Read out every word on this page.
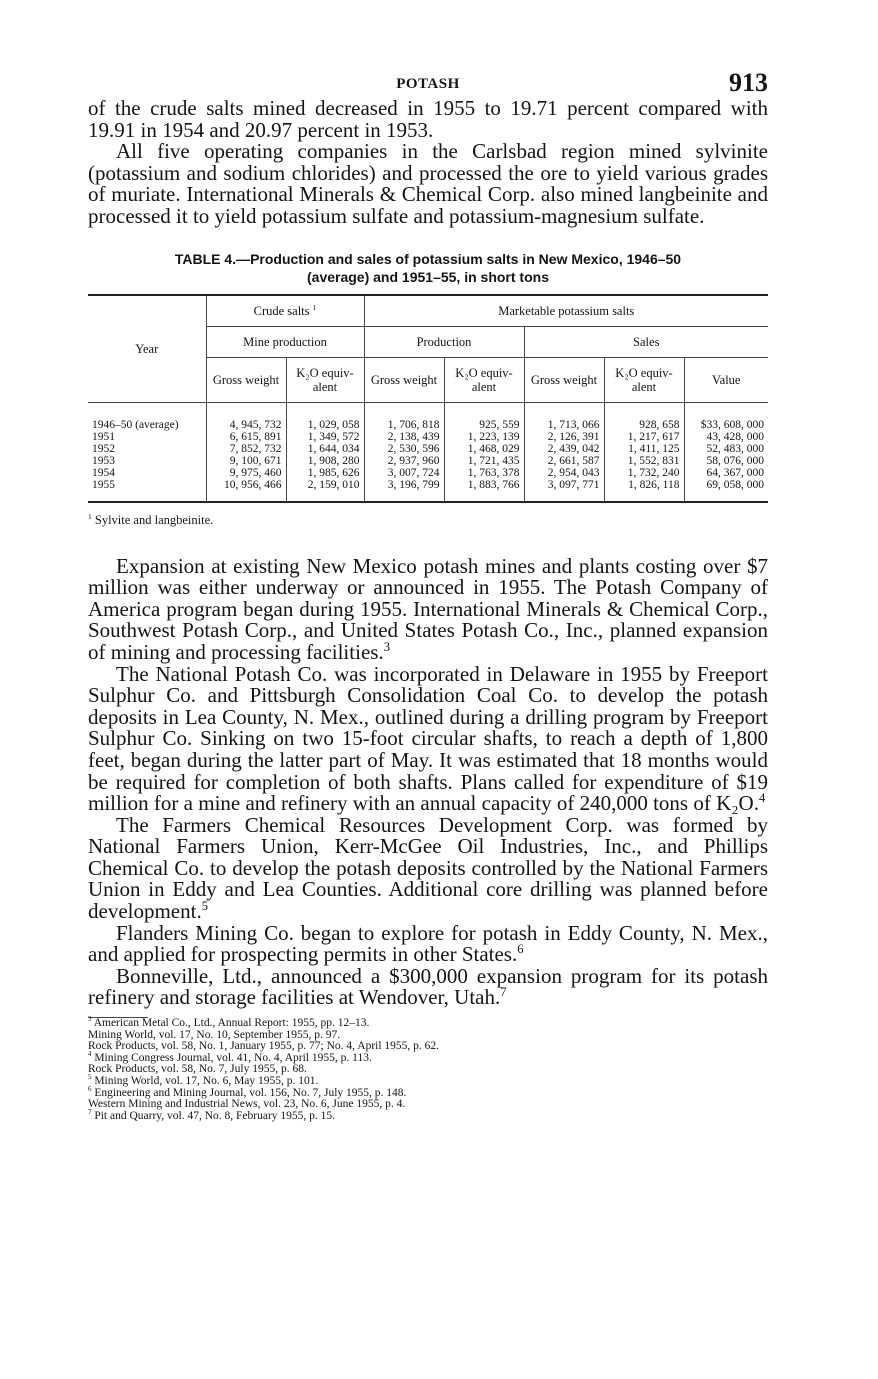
POTASH	913

of the crude salts mined decreased in 1955 to 19.71 percent compared with 19.91 in 1954 and 20.97 percent in 1953.

All five operating companies in the Carlsbad region mined sylvinite (potassium and sodium chlorides) and processed the ore to yield various grades of muriate. International Minerals & Chemical Corp. also mined langbeinite and processed it to yield potassium sulfate and potassium-magnesium sulfate.

TABLE 4.—Production and sales of potassium salts in New Mexico, 1946–50
(average) and 1951–55, in short tons
Year	Crude salts $^1$		Marketable potassium salts				
	Mine production		Production		Sales		
	Gross weight	K₂O equiv-alent	Gross weight	K₂O equiv-alent	Gross weight	K₂O equiv-alent	Value
1946–50 (average)	4, 945, 732	1, 029, 058	1, 706, 818	925, 559	1, 713, 066	928, 658	$33, 608, 000
1951	6, 615, 891	1, 349, 572	2, 138, 439	1, 223, 139	2, 126, 391	1, 217, 617	43, 428, 000
1952	7, 852, 732	1, 644, 034	2, 530, 596	1, 468, 029	2, 439, 042	1, 411, 125	52, 483, 000
1953	9, 100, 671	1, 908, 280	2, 937, 960	1, 721, 435	2, 661, 587	1, 552, 831	58, 076, 000
1954	9, 975, 460	1, 985, 626	3, 007, 724	1, 763, 378	2, 954, 043	1, 732, 240	64, 367, 000
1955	10, 956, 466	2, 159, 010	3, 196, 799	1, 883, 766	3, 097, 771	1, 826, 118	69, 058, 000
$^1$ Sylvite and langbeinite.

Expansion at existing New Mexico potash mines and plants costing over $7 million was either underway or announced in 1955. The Potash Company of America program began during 1955. International Minerals & Chemical Corp., Southwest Potash Corp., and United States Potash Co., Inc., planned expansion of mining and processing facilities.$^3$

The National Potash Co. was incorporated in Delaware in 1955 by Freeport Sulphur Co. and Pittsburgh Consolidation Coal Co. to develop the potash deposits in Lea County, N. Mex., outlined during a drilling program by Freeport Sulphur Co. Sinking on two 15-foot circular shafts, to reach a depth of 1,800 feet, began during the latter part of May. It was estimated that 18 months would be required for completion of both shafts. Plans called for expenditure of $19 million for a mine and refinery with an annual capacity of 240,000 tons of K₂O.$^4$

The Farmers Chemical Resources Development Corp. was formed by National Farmers Union, Kerr-McGee Oil Industries, Inc., and Phillips Chemical Co. to develop the potash deposits controlled by the National Farmers Union in Eddy and Lea Counties. Additional core drilling was planned before development.$^5$

Flanders Mining Co. began to explore for potash in Eddy County, N. Mex., and applied for prospecting permits in other States.$^6$

Bonneville, Ltd., announced a $300,000 expansion program for its potash refinery and storage facilities at Wendover, Utah.$^7$

$^3$ American Metal Co., Ltd., Annual Report: 1955, pp. 12–13.
Mining World, vol. 17, No. 10, September 1955, p. 97.
Rock Products, vol. 58, No. 1, January 1955, p. 77; No. 4, April 1955, p. 62.
$^4$ Mining Congress Journal, vol. 41, No. 4, April 1955, p. 113.
Rock Products, vol. 58, No. 7, July 1955, p. 68.
$^5$ Mining World, vol. 17, No. 6, May 1955, p. 101.
$^6$ Engineering and Mining Journal, vol. 156, No. 7, July 1955, p. 148.
Western Mining and Industrial News, vol. 23, No. 6, June 1955, p. 4.
$^7$ Pit and Quarry, vol. 47, No. 8, February 1955, p. 15.
